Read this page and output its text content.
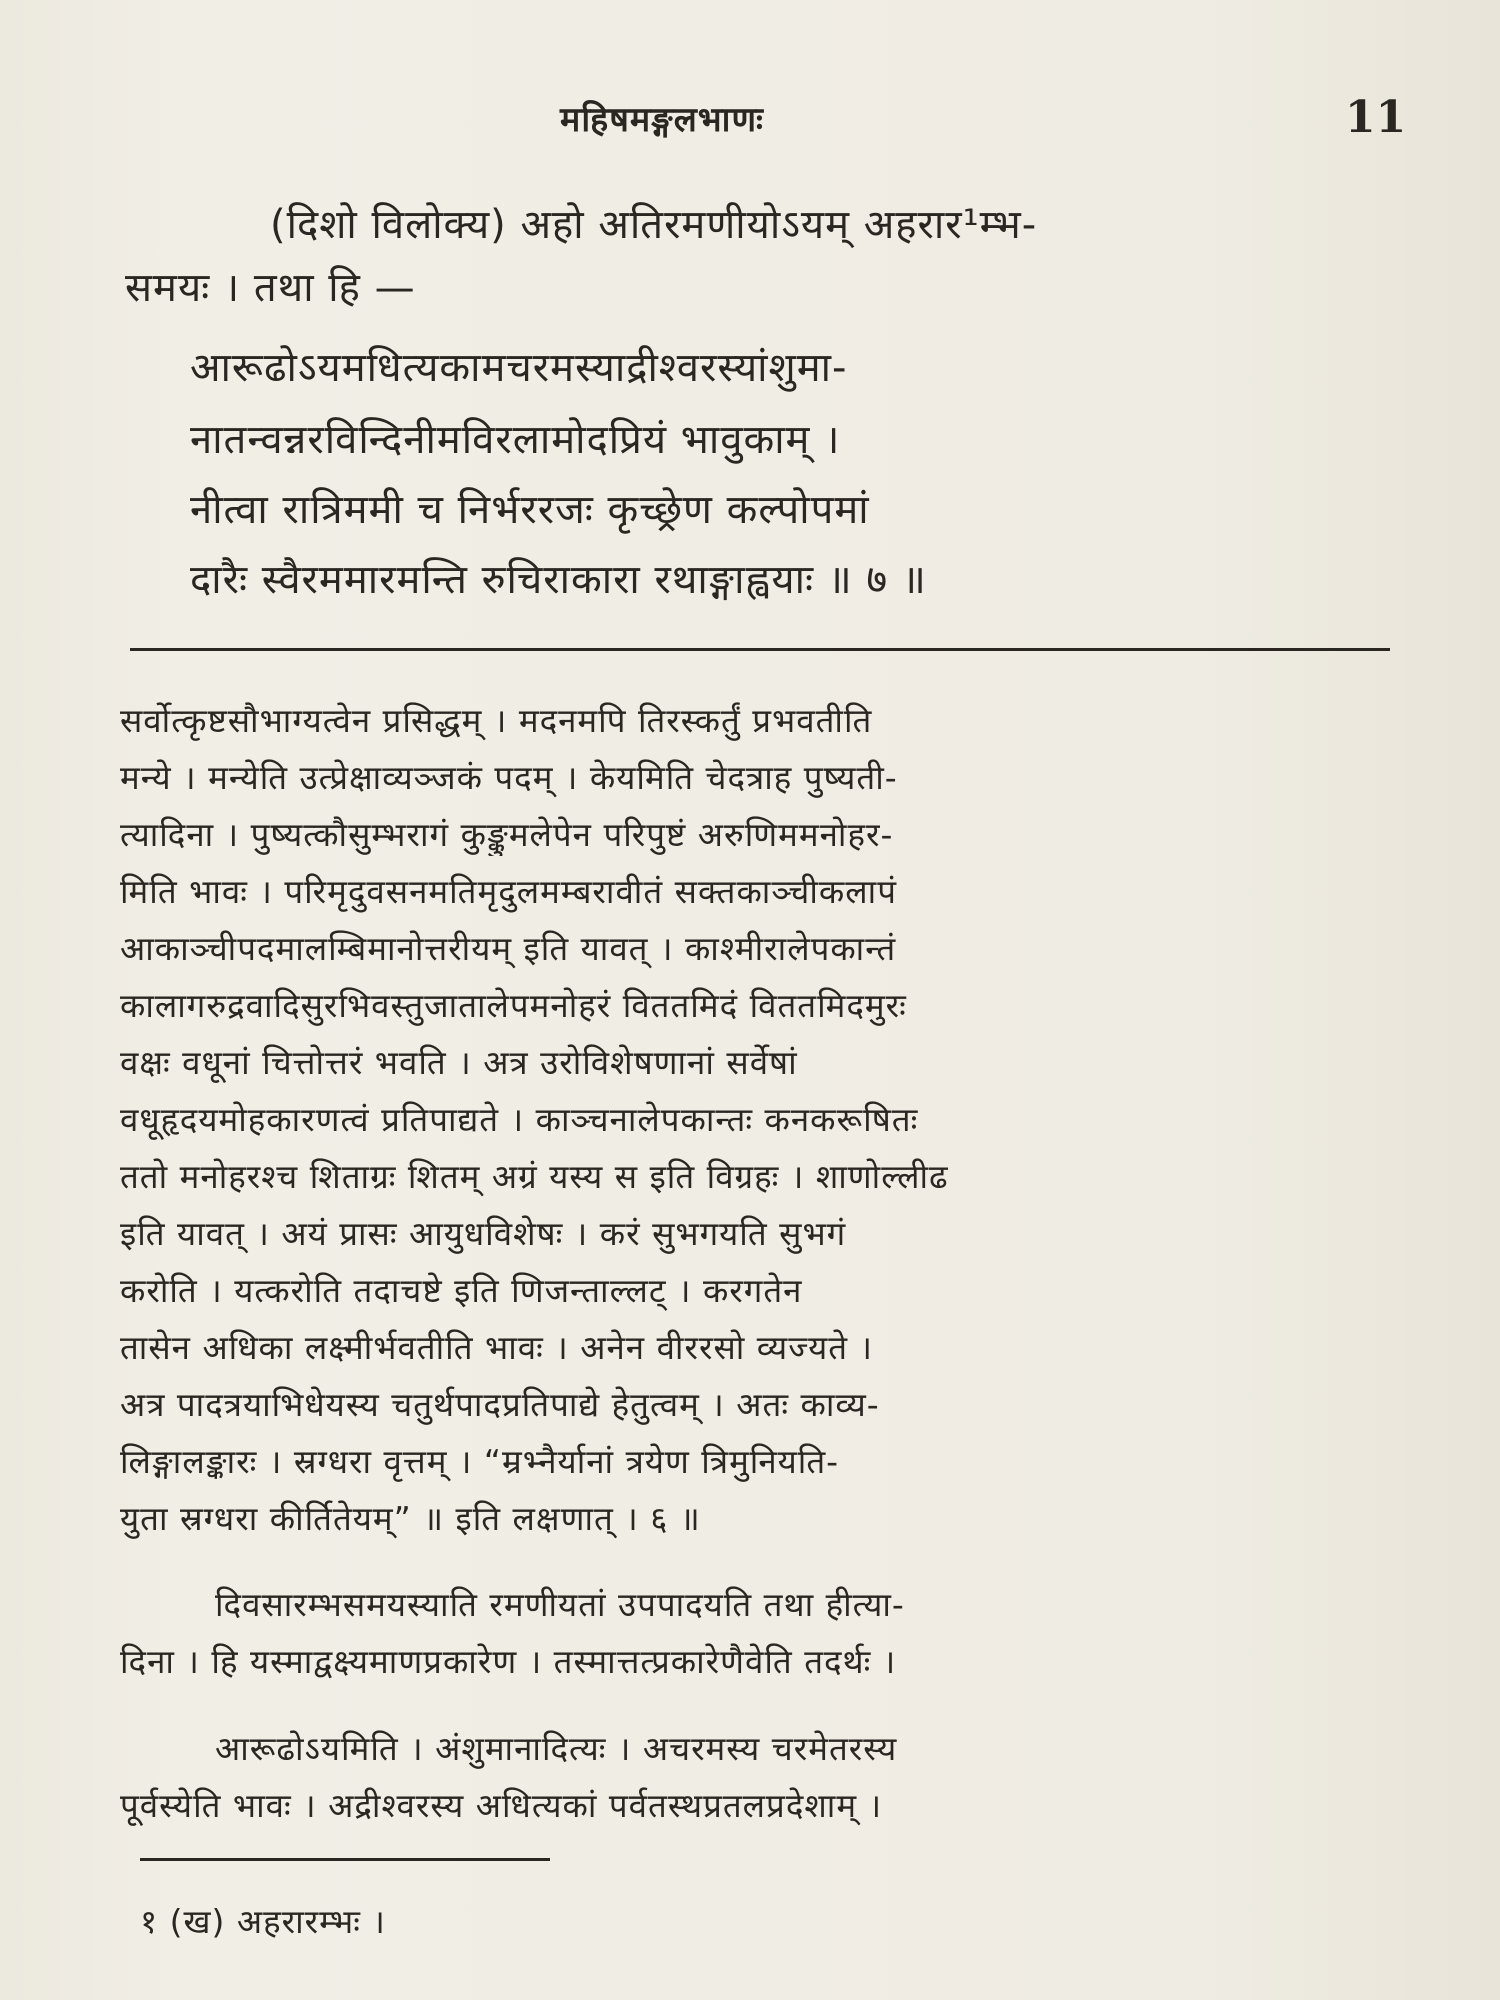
महिषमङ्गलभाणः	11
(दिशो विलोक्य) अहो अतिरमणीयोऽयम् अहरार¹म्भ-
समयः । तथा हि —
आरूढोऽयमधित्यकामचरमस्याद्रीश्वरस्यांशुमा-
नातन्वन्नरविन्दिनीमविरलामोदप्रियं भावुकाम् ।
नीत्वा रात्रिममी च निर्भररजः कृच्छ्रेण कल्पोपमां
दारैः स्वैरममारमन्ति रुचिराकारा रथाङ्गाह्वयाः ॥ ७ ॥
सर्वोत्कृष्टसौभाग्यत्वेन प्रसिद्धम् । मदनमपि तिरस्कर्तुं प्रभवतीति
मन्ये । मन्येति उत्प्रेक्षाव्यञ्जकं पदम् । केयमिति चेदत्राह पुष्यती-
त्यादिना । पुष्यत्कौसुम्भरागं कुङ्कुमलेपेन परिपुष्टं अरुणिममनोहर-
मिति भावः । परिमृदुवसनमतिमृदुलमम्बरावीतं सक्तकाञ्चीकलापं
आकाञ्चीपदमालम्बिमानोत्तरीयम् इति यावत् । काश्मीरालेपकान्तं
कालागरुद्रवादिसुरभिवस्तुजातालेपमनोहरं विततमिदं विततमिदमुरः
वक्षः वधूनां चित्तोत्तरं भवति । अत्र उरोविशेषणानां सर्वेषां
वधूहृदयमोहकारणत्वं प्रतिपाद्यते । काञ्चनालेपकान्तः कनकरूषितः
ततो मनोहरश्च शिताग्रः शितम् अग्रं यस्य स इति विग्रहः । शाणोल्लीढ
इति यावत् । अयं प्रासः आयुधविशेषः । करं सुभगयति सुभगं
करोति । यत्करोति तदाचष्टे इति णिजन्ताल्लट् । करगतेन
तासेन अधिका लक्ष्मीर्भवतीति भावः । अनेन वीररसो व्यज्यते ।
अत्र पादत्रयाभिधेयस्य चतुर्थपादप्रतिपाद्ये हेतुत्वम् । अतः काव्य-
लिङ्गालङ्कारः । स्रग्धरा वृत्तम् । “म्रभ्नैर्यानां त्रयेण त्रिमुनियति-
युता स्रग्धरा कीर्तितेयम्” ॥ इति लक्षणात् । ६ ॥
दिवसारम्भसमयस्याति रमणीयतां उपपादयति तथा हीत्या-
दिना । हि यस्माद्वक्ष्यमाणप्रकारेण । तस्मात्तत्प्रकारेणैवेति तदर्थः ।
आरूढोऽयमिति । अंशुमानादित्यः । अचरमस्य चरमेतरस्य
पूर्वस्येति भावः । अद्रीश्वरस्य अधित्यकां पर्वतस्थप्रतलप्रदेशाम् ।
१ (ख) अहरारम्भः ।
